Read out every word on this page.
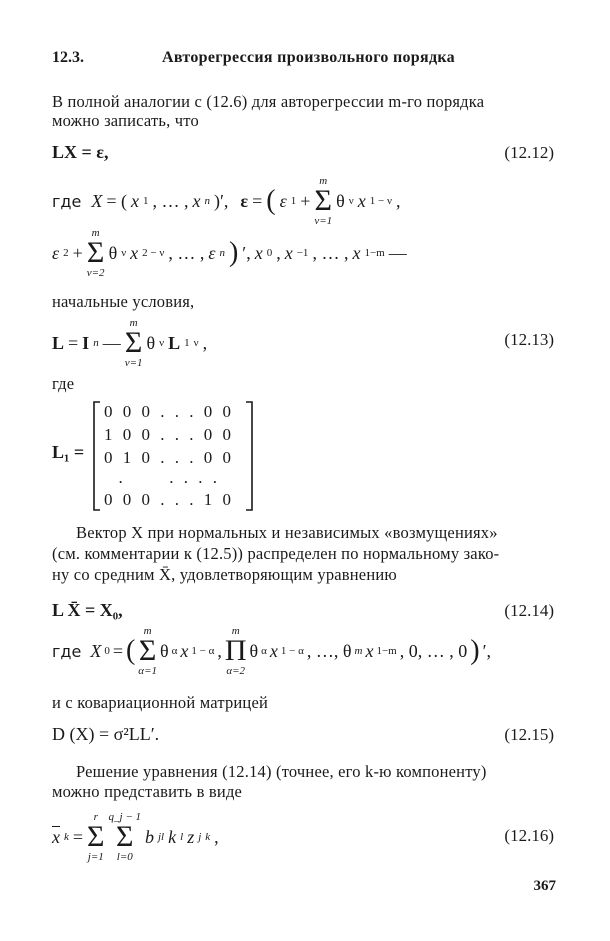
12.3.	Авторегрессия произвольного порядка
В полной аналогии с (12.6) для авторегрессии m-го порядка
можно записать, что
LX = ε,	(12.12)
где X = ( x 1 , … , x n )′, ε = ( ε 1 +
m
Σ
ν=1
θ ν x 1 − ν ,
ε 2 +
m
Σ
ν=2
θ ν x 2 − ν , … , ε n ) ′, x 0 , x −1 , … , x 1−m —
начальные условия,
L = I n —
m
Σ
ν=1
θ ν L 1 ν ,	(12.13)
где
L₁ =
0 0 0 . . . 0 0
1 0 0 . . . 0 0
0 1 0 . . . 0 0
.      . . . .
0 0 0 . . . 1 0
Вектор X при нормальных и независимых «возмущениях»
(см. комментарии к (12.5)) распределен по нормальному зако-
ну со средним X̄, удовлетворяющим уравнению
L X̄ = X₀,	(12.14)
где X 0 = (
m
Σ
α=1
θ α x 1 − α ,
m
Π
α=2
θ α x 1 − α , …, θ m x 1−m , 0, … , 0 ) ′,
и с ковариационной матрицей
D (X) = σ²LL′.	(12.15)
Решение уравнения (12.14) (точнее, его k-ю компоненту)
можно представить в виде
$\overline{x}$ k =
r
Σ
j=1
q_j − 1
Σ
l=0
b jl k l z j k ,	(12.16)
367
